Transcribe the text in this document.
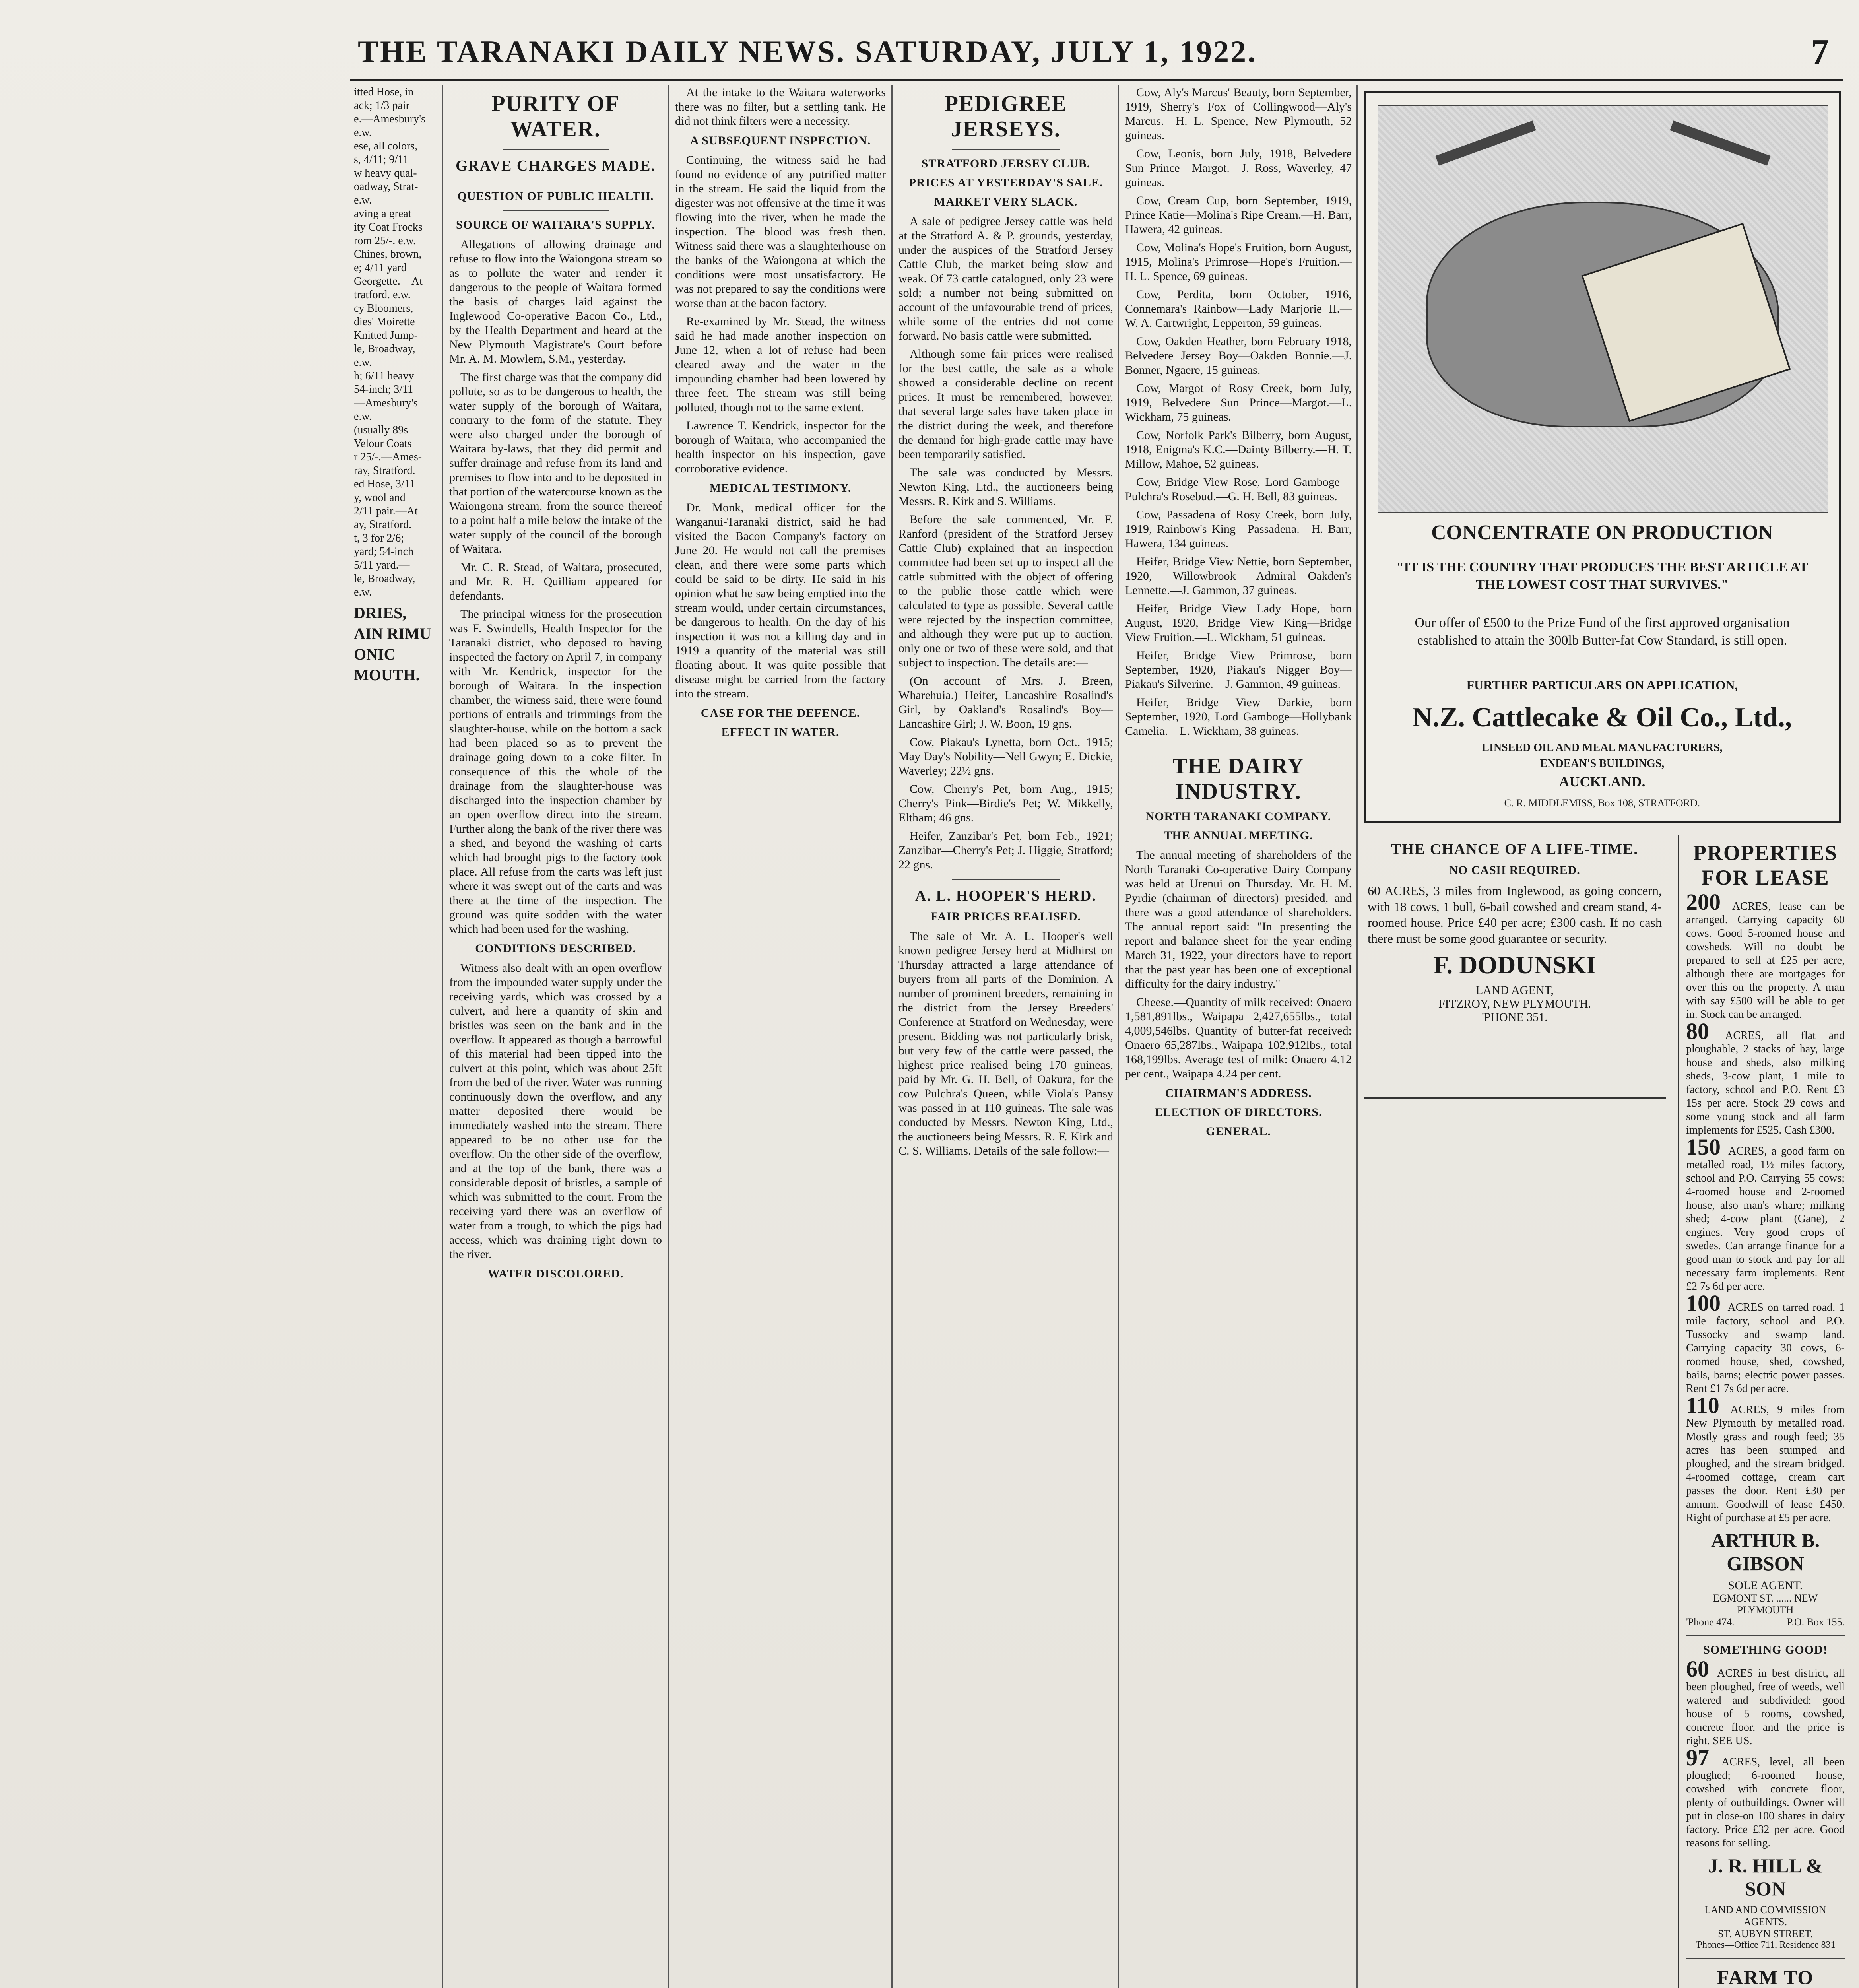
THE TARANAKI DAILY NEWS. SATURDAY, JULY 1, 1922.	7
itted Hose, in
ack; 1/3 pair
e.—Amesbury's
e.w.
ese, all colors,
s, 4/11; 9/11
w heavy qual-
oadway, Strat-
e.w.
aving a great
ity Coat Frocks
rom 25/-. e.w.
Chines, brown,
e; 4/11 yard
Georgette.—At
tratford. e.w.
cy Bloomers,
dies' Moirette
Knitted Jump-
le, Broadway,
e.w.
h; 6/11 heavy
54-inch; 3/11
—Amesbury's
e.w.
(usually 89s
Velour Coats
r 25/-.—Ames-
ray, Stratford.
ed Hose, 3/11
y, wool and
2/11 pair.—At
ay, Stratford.
t, 3 for 2/6;
yard; 54-inch
5/11 yard.—
le, Broadway,
e.w.
DRIES,
AIN RIMU
ONIC
MOUTH.
PURITY OF WATER.
GRAVE CHARGES MADE.
QUESTION OF PUBLIC HEALTH.
SOURCE OF WAITARA'S SUPPLY.

Allegations of allowing drainage and refuse to flow into the Waiongona stream so as to pollute the water and render it dangerous to the people of Waitara formed the basis of charges laid against the Inglewood Co-operative Bacon Co., Ltd., by the Health Department and heard at the New Plymouth Magistrate's Court before Mr. A. M. Mowlem, S.M., yesterday.

The first charge was that the company did pollute, so as to be dangerous to health, the water supply of the borough of Waitara, contrary to the form of the statute. They were also charged under the borough of Waitara by-laws, that they did permit and suffer drainage and refuse from its land and premises to flow into and to be deposited in that portion of the watercourse known as the Waiongona stream, from the source thereof to a point half a mile below the intake of the water supply of the council of the borough of Waitara.

Mr. C. R. Stead, of Waitara, prosecuted, and Mr. R. H. Quilliam appeared for defendants.

The principal witness for the prosecution was F. Swindells, Health Inspector for the Taranaki district, who deposed to having inspected the factory on April 7, in company with Mr. Kendrick, inspector for the borough of Waitara. In the inspection chamber, the witness said, there were found portions of entrails and trimmings from the slaughter-house, while on the bottom a sack had been placed so as to prevent the drainage going down to a coke filter. In consequence of this the whole of the drainage from the slaughter-house was discharged into the inspection chamber by an open overflow direct into the stream. Further along the bank of the river there was a shed, and beyond the washing of carts which had brought pigs to the factory took place. All refuse from the carts was left just where it was swept out of the carts and was there at the time of the inspection. The ground was quite sodden with the water which had been used for the washing.

CONDITIONS DESCRIBED.

Witness also dealt with an open overflow from the impounded water supply under the receiving yards, which was crossed by a culvert, and here a quantity of skin and bristles was seen on the bank and in the overflow. It appeared as though a barrowful of this material had been tipped into the culvert at this point, which was about 25ft from the bed of the river. Water was running continuously down the overflow, and any matter deposited there would be immediately washed into the stream. There appeared to be no other use for the overflow. On the other side of the overflow, and at the top of the bank, there was a considerable deposit of bristles, a sample of which was submitted to the court. From the receiving yard there was an overflow of water from a trough, to which the pigs had access, which was draining right down to the river.

WATER DISCOLORED.

At the intake to the Waitara waterworks there was no filter, but a settling tank. He did not think filters were a necessity.

A SUBSEQUENT INSPECTION.

Continuing, the witness said he had found no evidence of any putrified matter in the stream. He said the liquid from the digester was not offensive at the time it was flowing into the river, when he made the inspection. The blood was fresh then. Witness said there was a slaughterhouse on the banks of the Waiongona at which the conditions were most unsatisfactory. He was not prepared to say the conditions were worse than at the bacon factory.

Re-examined by Mr. Stead, the witness said he had made another inspection on June 12, when a lot of refuse had been cleared away and the water in the impounding chamber had been lowered by three feet. The stream was still being polluted, though not to the same extent.

Lawrence T. Kendrick, inspector for the borough of Waitara, who accompanied the health inspector on his inspection, gave corroborative evidence.

MEDICAL TESTIMONY.

Dr. Monk, medical officer for the Wanganui-Taranaki district, said he had visited the Bacon Company's factory on June 20. He would not call the premises clean, and there were some parts which could be said to be dirty. He said in his opinion what he saw being emptied into the stream would, under certain circumstances, be dangerous to health. On the day of his inspection it was not a killing day and in 1919 a quantity of the material was still floating about. It was quite possible that disease might be carried from the factory into the stream.

CASE FOR THE DEFENCE.
EFFECT IN WATER.

PEDIGREE JERSEYS.
STRATFORD JERSEY CLUB.
PRICES AT YESTERDAY'S SALE.
MARKET VERY SLACK.

A sale of pedigree Jersey cattle was held at the Stratford A. & P. grounds, yesterday, under the auspices of the Stratford Jersey Cattle Club, the market being slow and weak. Of 73 cattle catalogued, only 23 were sold; a number not being submitted on account of the unfavourable trend of prices, while some of the entries did not come forward. No basis cattle were submitted.

Although some fair prices were realised for the best cattle, the sale as a whole showed a considerable decline on recent prices. It must be remembered, however, that several large sales have taken place in the district during the week, and therefore the demand for high-grade cattle may have been temporarily satisfied.

The sale was conducted by Messrs. Newton King, Ltd., the auctioneers being Messrs. R. Kirk and S. Williams.

Before the sale commenced, Mr. F. Ranford (president of the Stratford Jersey Cattle Club) explained that an inspection committee had been set up to inspect all the cattle submitted with the object of offering to the public those cattle which were calculated to type as possible. Several cattle were rejected by the inspection committee, and although they were put up to auction, only one or two of these were sold, and that subject to inspection. The details are:—

(On account of Mrs. J. Breen, Wharehuia.) Heifer, Lancashire Rosalind's Girl, by Oakland's Rosalind's Boy—Lancashire Girl; J. W. Boon, 19 gns.

Cow, Piakau's Lynetta, born Oct., 1915; May Day's Nobility—Nell Gwyn; E. Dickie, Waverley; 22½ gns.

Cow, Cherry's Pet, born Aug., 1915; Cherry's Pink—Birdie's Pet; W. Mikkelly, Eltham; 46 gns.

Heifer, Zanzibar's Pet, born Feb., 1921; Zanzibar—Cherry's Pet; J. Higgie, Stratford; 22 gns.

A. L. HOOPER'S HERD.
FAIR PRICES REALISED.

The sale of Mr. A. L. Hooper's well known pedigree Jersey herd at Midhirst on Thursday attracted a large attendance of buyers from all parts of the Dominion. A number of prominent breeders, remaining in the district from the Jersey Breeders' Conference at Stratford on Wednesday, were present. Bidding was not particularly brisk, but very few of the cattle were passed, the highest price realised being 170 guineas, paid by Mr. G. H. Bell, of Oakura, for the cow Pulchra's Queen, while Viola's Pansy was passed in at 110 guineas. The sale was conducted by Messrs. Newton King, Ltd., the auctioneers being Messrs. R. F. Kirk and C. S. Williams. Details of the sale follow:—

Cow, Aly's Marcus' Beauty, born September, 1919, Sherry's Fox of Collingwood—Aly's Marcus.—H. L. Spence, New Plymouth, 52 guineas.

Cow, Leonis, born July, 1918, Belvedere Sun Prince—Margot.—J. Ross, Waverley, 47 guineas.

Cow, Cream Cup, born September, 1919, Prince Katie—Molina's Ripe Cream.—H. Barr, Hawera, 42 guineas.

Cow, Molina's Hope's Fruition, born August, 1915, Molina's Primrose—Hope's Fruition.—H. L. Spence, 69 guineas.

Cow, Perdita, born October, 1916, Connemara's Rainbow—Lady Marjorie II.—W. A. Cartwright, Lepperton, 59 guineas.

Cow, Oakden Heather, born February 1918, Belvedere Jersey Boy—Oakden Bonnie.—J. Bonner, Ngaere, 15 guineas.

Cow, Margot of Rosy Creek, born July, 1919, Belvedere Sun Prince—Margot.—L. Wickham, 75 guineas.

Cow, Norfolk Park's Bilberry, born August, 1918, Enigma's K.C.—Dainty Bilberry.—H. T. Millow, Mahoe, 52 guineas.

Cow, Bridge View Rose, Lord Gamboge—Pulchra's Rosebud.—G. H. Bell, 83 guineas.

Cow, Passadena of Rosy Creek, born July, 1919, Rainbow's King—Passadena.—H. Barr, Hawera, 134 guineas.

Heifer, Bridge View Nettie, born September, 1920, Willowbrook Admiral—Oakden's Lennette.—J. Gammon, 37 guineas.

Heifer, Bridge View Lady Hope, born August, 1920, Bridge View King—Bridge View Fruition.—L. Wickham, 51 guineas.

Heifer, Bridge View Primrose, born September, 1920, Piakau's Nigger Boy—Piakau's Silverine.—J. Gammon, 49 guineas.

Heifer, Bridge View Darkie, born September, 1920, Lord Gamboge—Hollybank Camelia.—L. Wickham, 38 guineas.

THE DAIRY INDUSTRY.
NORTH TARANAKI COMPANY.
THE ANNUAL MEETING.

The annual meeting of shareholders of the North Taranaki Co-operative Dairy Company was held at Urenui on Thursday. Mr. H. M. Pyrdie (chairman of directors) presided, and there was a good attendance of shareholders. The annual report said: "In presenting the report and balance sheet for the year ending March 31, 1922, your directors have to report that the past year has been one of exceptional difficulty for the dairy industry."

Cheese.—Quantity of milk received: Onaero 1,581,891lbs., Waipapa 2,427,655lbs., total 4,009,546lbs. Quantity of butter-fat received: Onaero 65,287lbs., Waipapa 102,912lbs., total 168,199lbs. Average test of milk: Onaero 4.12 per cent., Waipapa 4.24 per cent.

CHAIRMAN'S ADDRESS.
ELECTION OF DIRECTORS.
GENERAL.
CONCENTRATE ON PRODUCTION
"IT IS THE COUNTRY THAT PRODUCES THE BEST ARTICLE AT THE LOWEST COST THAT SURVIVES."
Our offer of £500 to the Prize Fund of the first approved organisation established to attain the 300lb Butter-fat Cow Standard, is still open.
FURTHER PARTICULARS ON APPLICATION,
N.Z. Cattlecake & Oil Co., Ltd.,
LINSEED OIL AND MEAL MANUFACTURERS,
ENDEAN'S BUILDINGS,
AUCKLAND.
C. R. MIDDLEMISS, Box 108, STRATFORD.
THE CHANCE OF A LIFE-TIME.
NO CASH REQUIRED.

60 ACRES, 3 miles from Inglewood, as going concern, with 18 cows, 1 bull, 6-bail cowshed and cream stand, 4-roomed house. Price £40 per acre; £300 cash. If no cash there must be some good guarantee or security.

F. DODUNSKI
LAND AGENT,
FITZROY, NEW PLYMOUTH.
'PHONE 351.
PROPERTIES FOR LEASE
200 ACRES, lease can be arranged. Carrying capacity 60 cows. Good 5-roomed house and cowsheds. Will no doubt be prepared to sell at £25 per acre, although there are mortgages for over this on the property. A man with say £500 will be able to get in. Stock can be arranged.
80 ACRES, all flat and ploughable, 2 stacks of hay, large house and sheds, also milking sheds, 3-cow plant, 1 mile to factory, school and P.O. Rent £3 15s per acre. Stock 29 cows and some young stock and all farm implements for £525. Cash £300.
150 ACRES, a good farm on metalled road, 1½ miles factory, school and P.O. Carrying 55 cows; 4-roomed house and 2-roomed house, also man's whare; milking shed; 4-cow plant (Gane), 2 engines. Very good crops of swedes. Can arrange finance for a good man to stock and pay for all necessary farm implements. Rent £2 7s 6d per acre.
100 ACRES on tarred road, 1 mile factory, school and P.O. Tussocky and swamp land. Carrying capacity 30 cows, 6-roomed house, shed, cowshed, bails, barns; electric power passes. Rent £1 7s 6d per acre.
110 ACRES, 9 miles from New Plymouth by metalled road. Mostly grass and rough feed; 35 acres has been stumped and ploughed, and the stream bridged. 4-roomed cottage, cream cart passes the door. Rent £30 per annum. Goodwill of lease £450. Right of purchase at £5 per acre.
ARTHUR B. GIBSON
SOLE AGENT.
EGMONT ST. ...... NEW PLYMOUTH
'Phone 474.	P.O. Box 155.
SOMETHING GOOD!
60 ACRES in best district, all been ploughed, free of weeds, well watered and subdivided; good house of 5 rooms, cowshed, concrete floor, and the price is right. SEE US.
97 ACRES, level, all been ploughed; 6-roomed house, cowshed with concrete floor, plenty of outbuildings. Owner will put in close-on 100 shares in dairy factory. Price £32 per acre. Good reasons for selling.
J. R. HILL & SON
LAND AND COMMISSION AGENTS.
ST. AUBYN STREET.
'Phones—Office 711, Residence 831
FARM TO
